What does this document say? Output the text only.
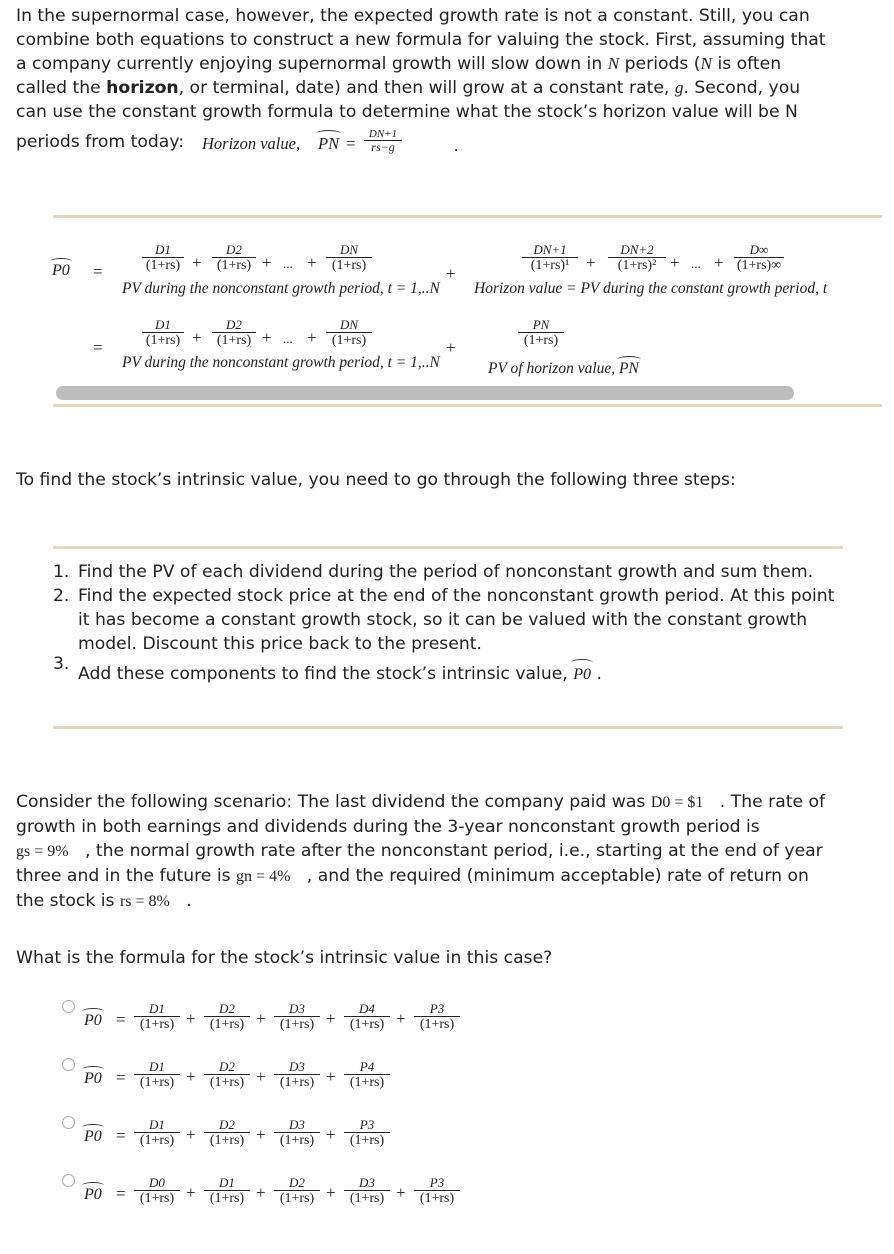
In the supernormal case, however, the expected growth rate is not a constant. Still, you can
combine both equations to construct a new formula for valuing the stock. First, assuming that
a company currently enjoying supernormal growth will slow down in N periods (N is often
called the horizon, or terminal, date) and then will grow at a constant rate, g. Second, you
can use the constant growth formula to determine what the stock’s horizon value will be N
periods from today: Horizon value, PN = $\frac{DN+1}{rs-g}$	.
P0 =	$\frac{D1}{(1+rs)} + \frac{D2}{(1+rs)}$ + ... + $\frac{DN}{(1+rs)}$
+
$\frac{DN+1}{\text{(1+rs)¹}} + \frac{DN+2}{\text{(1+rs)²}}$ + ... + $\frac{D\infty}{(1+rs)\infty}$
PV during the nonconstant growth period, t = 1,..N Horizon value = PV during the constant growth period, t
=	$\frac{D1}{(1+rs)} + \frac{D2}{(1+rs)}$ + ... + $\frac{DN}{(1+rs)}$	+	$\frac{PN}{(1+rs)}$
PV during the nonconstant growth period, t = 1,..N	PV of horizon value, PN
To find the stock’s intrinsic value, you need to go through the following three steps:
1. Find the PV of each dividend during the period of nonconstant growth and sum them.
2. Find the expected stock price at the end of the nonconstant growth period. At this point it has become a constant growth stock, so it can be valued with the constant growth model. Discount this price back to the present.
3. Add these components to find the stock’s intrinsic value, P0 .
Consider the following scenario: The last dividend the company paid was D0 = $1 . The rate of
growth in both earnings and dividends during the 3-year nonconstant growth period is
gs = 9% , the normal growth rate after the nonconstant period, i.e., starting at the end of year
three and in the future is gn = 4% , and the required (minimum acceptable) rate of return on
the stock is rs = 8% .
What is the formula for the stock’s intrinsic value in this case?
$P0 = \frac{D1}{(1+rs)} + \frac{D2}{(1+rs)} + \frac{D3}{(1+rs)} + \frac{D4}{(1+rs)} + \frac{P3}{(1+rs)}$
$P0 = \frac{D1}{(1+rs)} + \frac{D2}{(1+rs)} + \frac{D3}{(1+rs)} + \frac{P4}{(1+rs)}$
$P0 = \frac{D1}{(1+rs)} + \frac{D2}{(1+rs)} + \frac{D3}{(1+rs)} + \frac{P3}{(1+rs)}$
$P0 = \frac{D0}{(1+rs)} + \frac{D1}{(1+rs)} + \frac{D2}{(1+rs)} + \frac{D3}{(1+rs)} + \frac{P3}{(1+rs)}$
